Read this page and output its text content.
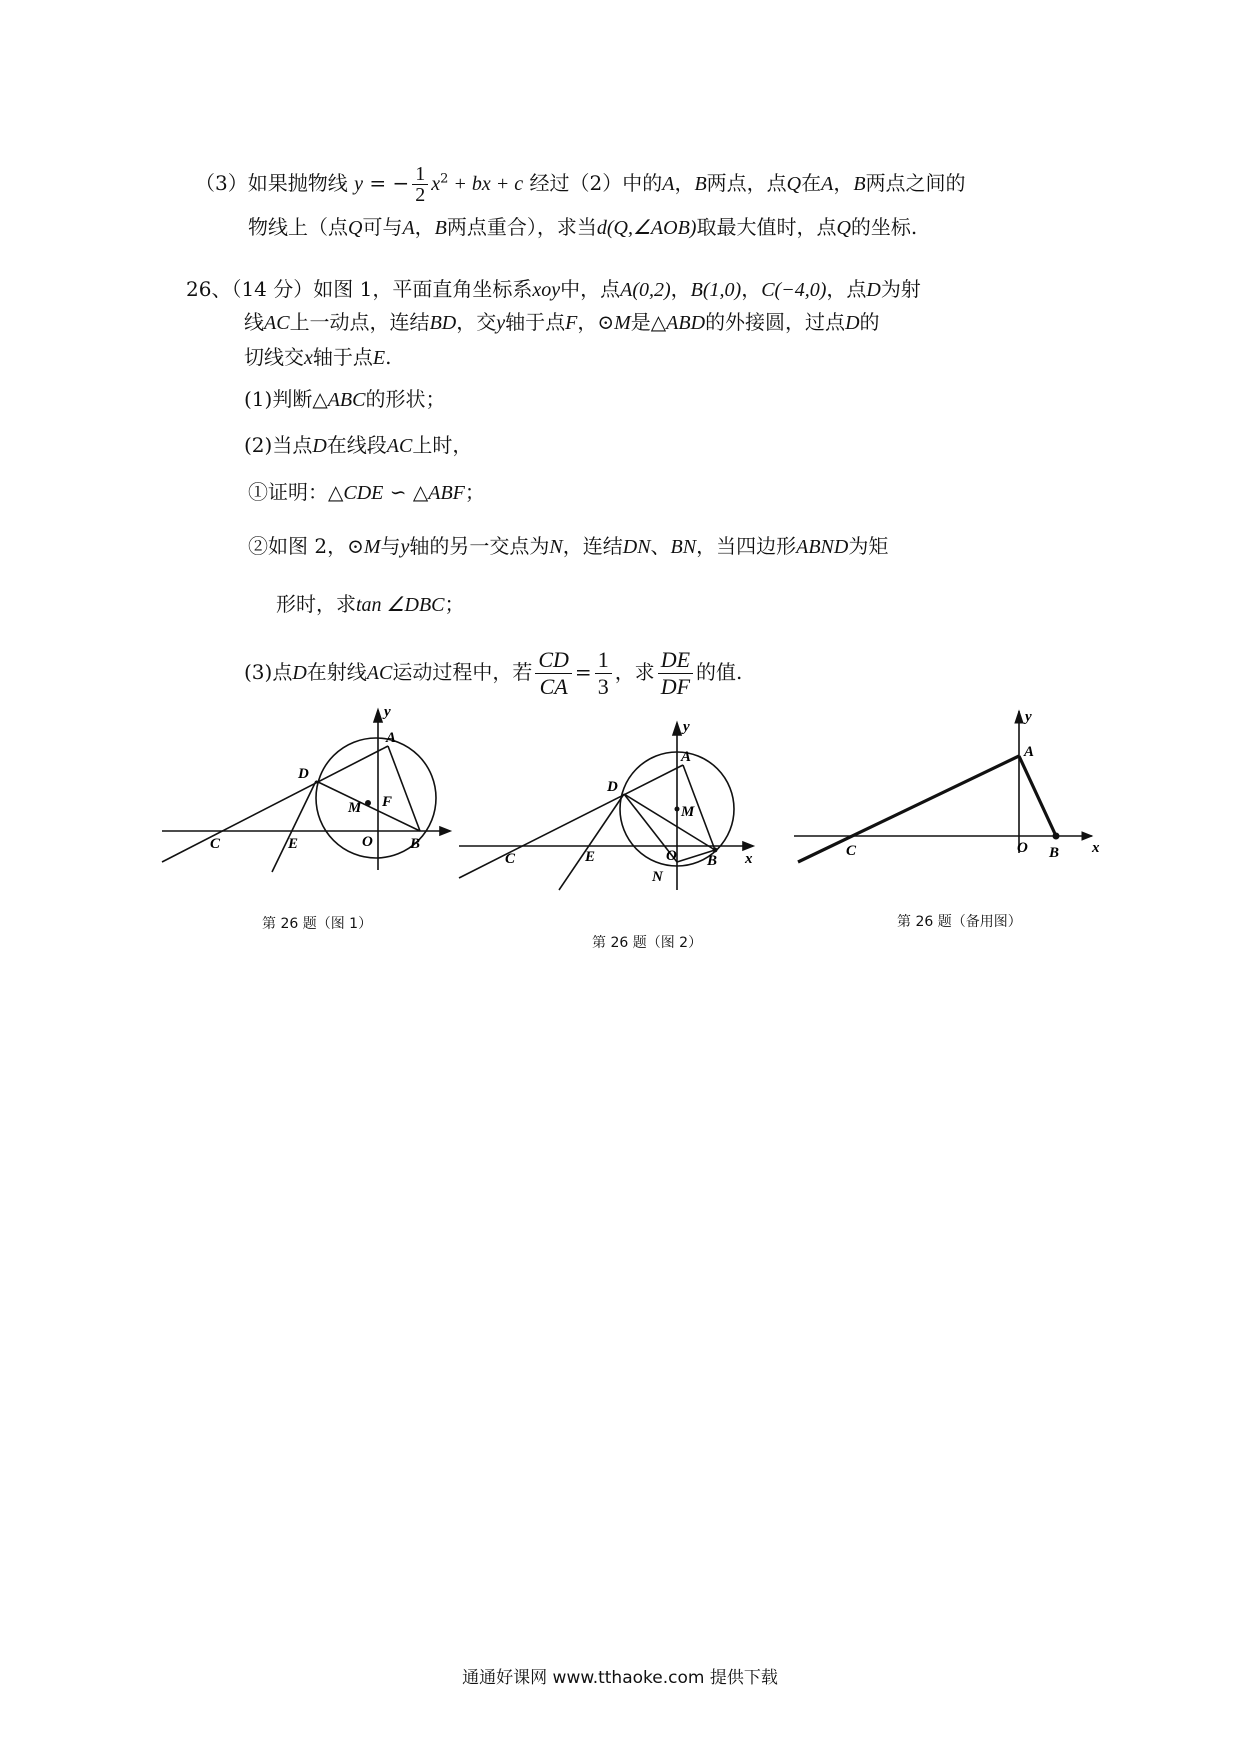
（3）如果抛物线 y = − $\frac{1}{2} x^2$ + bx + c 经过（2）中的A，B两点，点Q在A，B两点之间的
物线上（点Q可与A，B两点重合），求当d(Q,∠AOB)取最大值时，点Q的坐标.
26、（14 分）如图 1，平面直角坐标系xoy中，点A(0,2)，B(1,0)，C(−4,0)，点D为射
线AC上一动点，连结BD，交y轴于点F，⊙M是△ABD的外接圆，过点D的
切线交x轴于点E.
(1)判断△ABC的形状；
(2)当点D在线段AC上时，
①证明：△CDE ∽ △ABF；
②如图 2，⊙M与y轴的另一交点为N，连结DN、BN，当四边形ABND为矩
形时，求tan ∠DBC；
(3)点D在射线AC运动过程中，若 $\frac{CD}{CA} = \frac{1}{3}$ ，求 $\frac{DE}{DF}$ 的值.
y
A
D
M F
C	E	O B
第 26 题（图 1）
y
A
D
M
C	E	O B
N
x
第 26 题（图 2）
y
A
C	O B x
第 26 题（备用图）
通通好课网 www.tthaoke.com 提供下载
